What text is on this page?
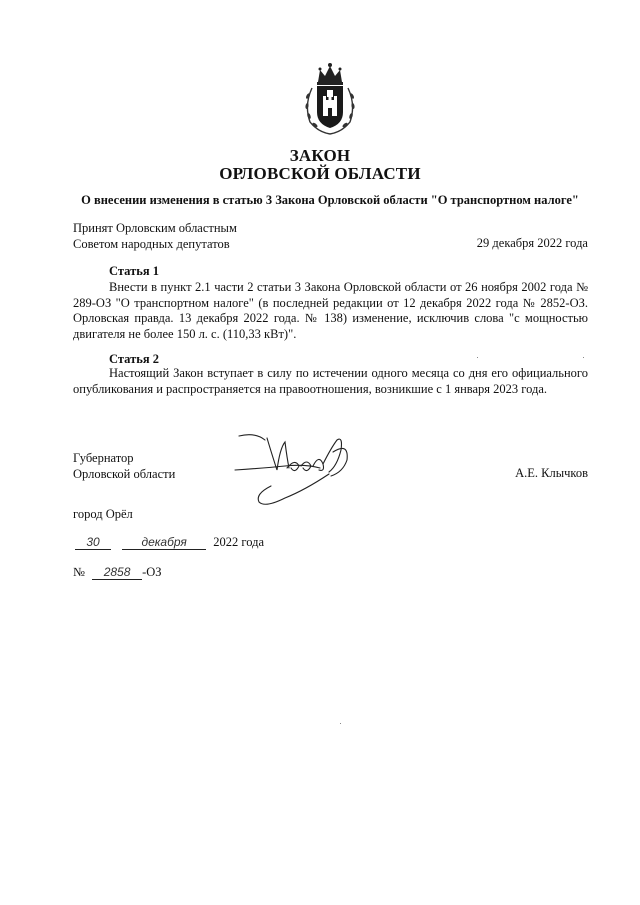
ЗАКОН
ОРЛОВСКОЙ ОБЛАСТИ
О внесении изменения в статью 3 Закона Орловской области "О транспортном налоге"
Принят Орловским областным
Советом народных депутатов	29 декабря 2022 года
Статья 1
Внести в пункт 2.1 части 2 статьи 3 Закона Орловской области от 26 ноября 2002 года № 289-ОЗ "О транспортном налоге" (в последней редакции от 12 декабря 2022 года № 2852-ОЗ. Орловская правда. 13 декабря 2022 года. № 138) изменение, исключив слова "с мощностью двигателя не более 150 л. с. (110,33 кВт)".
Статья 2
Настоящий Закон вступает в силу по истечении одного месяца со дня его официального опубликования и распространяется на правоотношения, возникшие с 1 января 2023 года.
Губернатор
Орловской области	А.Е. Клычков
город Орёл
30	декабря 2022 года
№ 2858 -ОЗ
